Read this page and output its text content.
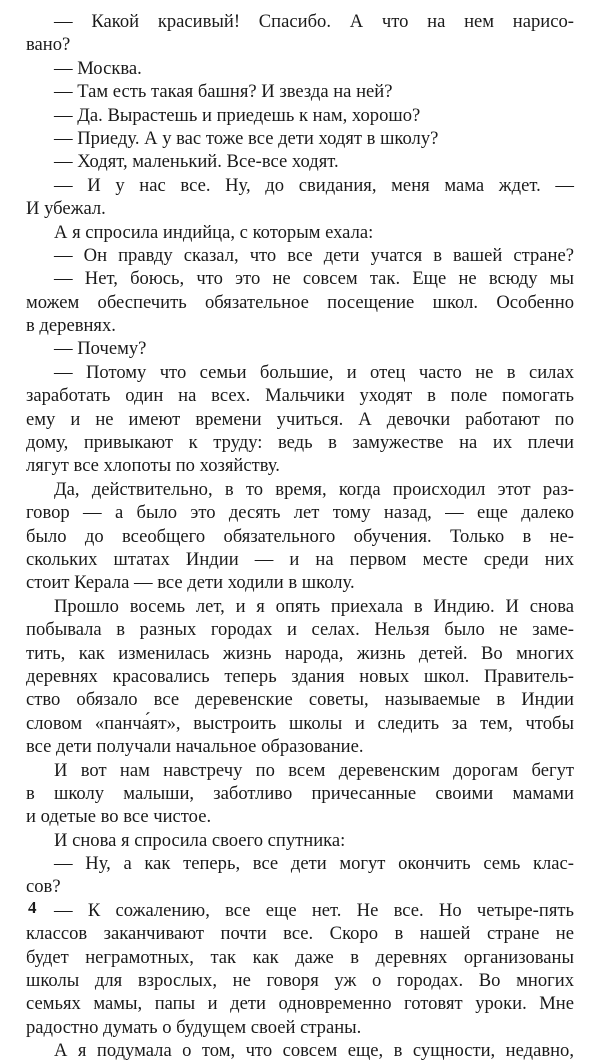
— Какой красивый! Спасибо. А что на нем нарисо-
вано?
— Москва.
— Там есть такая башня? И звезда на ней?
— Да. Вырастешь и приедешь к нам, хорошо?
— Приеду. А у вас тоже все дети ходят в школу?
— Ходят, маленький. Все-все ходят.
— И у нас все. Ну, до свидания, меня мама ждет. —
И убежал.
А я спросила индийца, с которым ехала:
— Он правду сказал, что все дети учатся в вашей стране?
— Нет, боюсь, что это не совсем так. Еще не всюду мы
можем обеспечить обязательное посещение школ. Особенно
в деревнях.
— Почему?
— Потому что семьи большие, и отец часто не в силах
заработать один на всех. Мальчики уходят в поле помогать
ему и не имеют времени учиться. А девочки работают по
дому, привыкают к труду: ведь в замужестве на их плечи
лягут все хлопоты по хозяйству.
Да, действительно, в то время, когда происходил этот раз-
говор — а было это десять лет тому назад, — еще далеко
было до всеобщего обязательного обучения. Только в не-
скольких штатах Индии — и на первом месте среди них
стоит Керала — все дети ходили в школу.
Прошло восемь лет, и я опять приехала в Индию. И снова
побывала в разных городах и селах. Нельзя было не заме-
тить, как изменилась жизнь народа, жизнь детей. Во многих
деревнях красовались теперь здания новых школ. Правитель-
ство обязало все деревенские советы, называемые в Индии
словом «панча́ят», выстроить школы и следить за тем, чтобы
все дети получали начальное образование.
И вот нам навстречу по всем деревенским дорогам бегут
в школу малыши, заботливо причесанные своими мамами
и одетые во все чистое.
И снова я спросила своего спутника:
— Ну, а как теперь, все дети могут окончить семь клас-
сов?
— К сожалению, все еще нет. Не все. Но четыре-пять
классов заканчивают почти все. Скоро в нашей стране не
будет неграмотных, так как даже в деревнях организованы
школы для взрослых, не говоря уж о городах. Во многих
семьях мамы, папы и дети одновременно готовят уроки. Мне
радостно думать о будущем своей страны.
А я подумала о том, что совсем еще, в сущности, недавно,
4
